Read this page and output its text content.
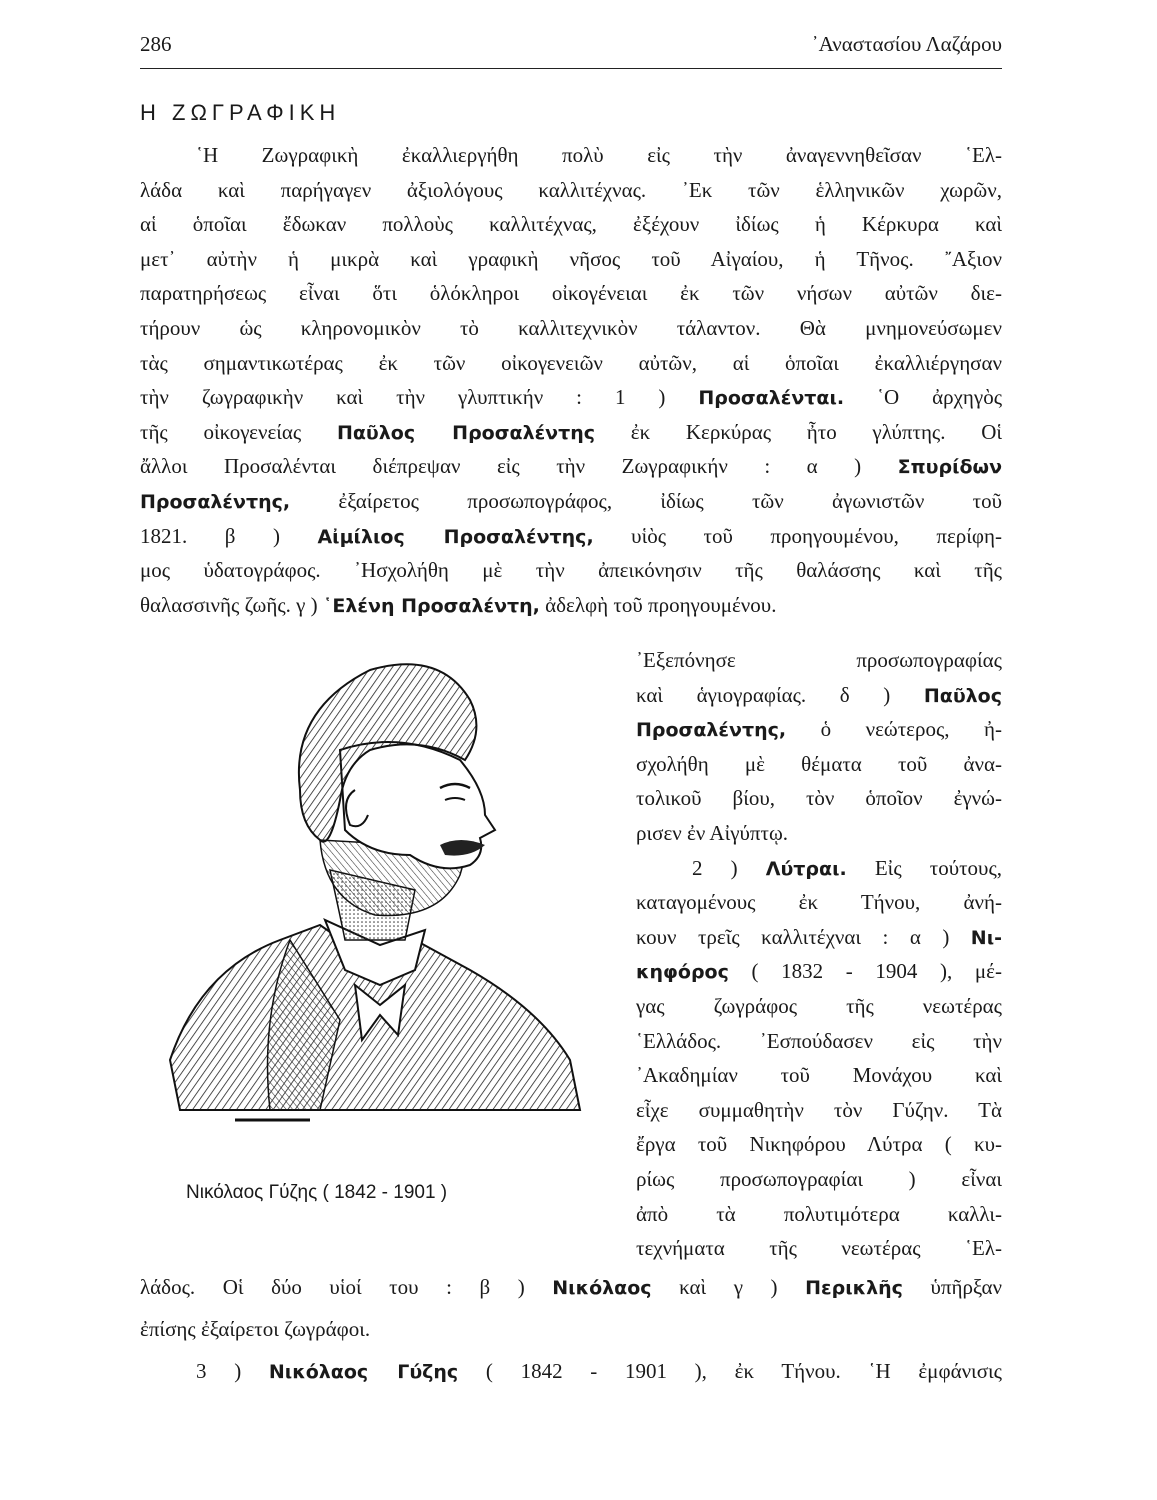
286	᾿Αναστασίου Λαζάρου
Η ΖΩΓΡΑΦΙΚΗ
῾Η Ζωγραφικὴ ἐκαλλιεργήθη πολὺ εἰς τὴν ἀναγεννηθεῖσαν ῾Ελ-
λάδα καὶ παρήγαγεν ἀξιολόγους καλλιτέχνας. ᾿Εκ τῶν ἑλληνικῶν χωρῶν,
αἱ ὁποῖαι ἔδωκαν πολλοὺς καλλιτέχνας, ἐξέχουν ἰδίως ἡ Κέρκυρα καὶ
μετ᾿ αὐτὴν ἡ μικρὰ καὶ γραφικὴ νῆσος τοῦ Αἰγαίου, ἡ Τῆνος. ῎Αξιον
παρατηρήσεως εἶναι ὅτι ὁλόκληροι οἰκογένειαι ἐκ τῶν νήσων αὐτῶν διε-
τήρουν ὡς κληρονομικὸν τὸ καλλιτεχνικὸν τάλαντον. Θὰ μνημονεύσωμεν
τὰς σημαντικωτέρας ἐκ τῶν οἰκογενειῶν αὐτῶν, αἱ ὁποῖαι ἐκαλλιέργησαν
τὴν ζωγραφικὴν καὶ τὴν γλυπτικήν : 1 ) Προσαλένται. ῾Ο ἀρχηγὸς
τῆς οἰκογενείας Παῦλος Προσαλέντης ἐκ Κερκύρας ἦτο γλύπτης. Οἱ
ἄλλοι Προσαλένται διέπρεψαν εἰς τὴν Ζωγραφικήν : α ) Σπυρίδων
Προσαλέντης, ἐξαίρετος προσωπογράφος, ἰδίως τῶν ἀγωνιστῶν τοῦ
1821. β ) Αἰμίλιος Προσαλέντης, υἱὸς τοῦ προηγουμένου, περίφη-
μος ὑδατογράφος. ᾿Ησχολήθη μὲ τὴν ἀπεικόνησιν τῆς θαλάσσης καὶ τῆς
θαλασσινῆς ζωῆς. γ ) ῾Ελένη Προσαλέντη, ἀδελφὴ τοῦ προηγουμένου.
᾿Εξεπόνησε προσωπογραφίας
καὶ ἁγιογραφίας. δ ) Παῦλος
Προσαλέντης, ὁ νεώτερος, ἠ-
σχολήθη μὲ θέματα τοῦ ἀνα-
τολικοῦ βίου, τὸν ὁποῖον ἐγνώ-
ρισεν ἐν Αἰγύπτῳ.
2 ) Λύτραι. Εἰς τούτους,
καταγομένους ἐκ Τήνου, ἀνή-
κουν τρεῖς καλλιτέχναι : α ) Νι-
κηφόρος ( 1832 - 1904 ), μέ-
γας ζωγράφος τῆς νεωτέρας
῾Ελλάδος. ᾿Εσπούδασεν εἰς τὴν
᾿Ακαδημίαν τοῦ Μονάχου καὶ
εἶχε συμμαθητὴν τὸν Γύζην. Τὰ
ἔργα τοῦ Νικηφόρου Λύτρα ( κυ-
ρίως προσωπογραφίαι ) εἶναι
ἀπὸ τὰ πολυτιμότερα καλλι-
τεχνήματα τῆς νεωτέρας ῾Ελ-
λάδος. Οἱ δύο υἱοί του : β ) Νικόλαος καὶ γ ) Περικλῆς ὑπῆρξαν
ἐπίσης ἐξαίρετοι ζωγράφοι.
3 ) Νικόλαος Γύζης ( 1842 - 1901 ), ἐκ Τήνου. ῾Η ἐμφάνισις
Νικόλαος Γύζης ( 1842 - 1901 )
